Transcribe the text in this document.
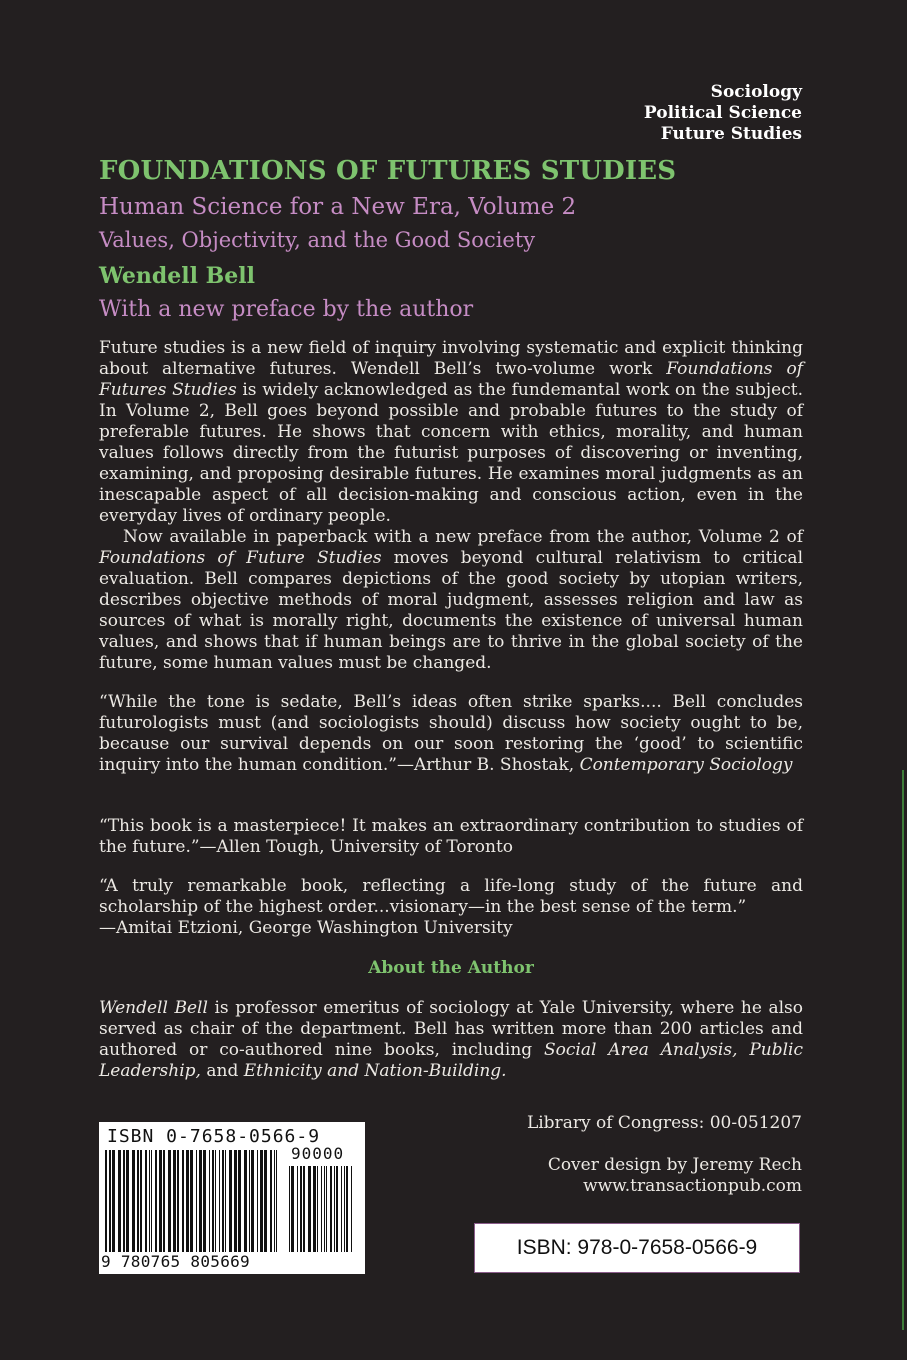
Sociology
Political Science
Future Studies
FOUNDATIONS OF FUTURES STUDIES
Human Science for a New Era, Volume 2
Values, Objectivity, and the Good Society
Wendell Bell
With a new preface by the author

Future studies is a new field of inquiry involving systematic and explicit thinking about alternative futures. Wendell Bell’s two-volume work Foundations of Futures Studies is widely acknowledged as the fundemantal work on the subject. In Volume 2, Bell goes beyond possible and probable futures to the study of preferable futures. He shows that concern with ethics, morality, and human values follows directly from the futurist purposes of discovering or inventing, examining, and proposing desirable futures. He examines moral judgments as an inescapable aspect of all decision-making and conscious action, even in the everyday lives of ordinary people.

Now available in paperback with a new preface from the author, Volume 2 of Foundations of Future Studies moves beyond cultural relativism to critical evaluation. Bell compares depictions of the good society by utopian writers, describes objective methods of moral judgment, assesses religion and law as sources of what is morally right, documents the existence of universal human values, and shows that if human beings are to thrive in the global society of the future, some human values must be changed.

“While the tone is sedate, Bell’s ideas often strike sparks.... Bell concludes futurologists must (and sociologists should) discuss how society ought to be, because our survival depends on our soon restoring the ‘good’ to scientific inquiry into the human condition.”—Arthur B. Shostak, Contemporary Sociology

“This book is a masterpiece! It makes an extraordinary contribution to studies of the future.”—Allen Tough, University of Toronto

“A truly remarkable book, reflecting a life-long study of the future and scholarship of the highest order...visionary—in the best sense of the term.”

—Amitai Etzioni, George Washington University

About the Author

Wendell Bell is professor emeritus of sociology at Yale University, where he also served as chair of the department. Bell has written more than 200 articles and authored or co-authored nine books, including Social Area Analysis, Public Leadership, and Ethnicity and Nation-Building.

Library of Congress: 00-051207
Cover design by Jeremy Rech
www.transactionpub.com
ISBN 0-7658-0566-9
90000
9 780765 805669
ISBN: 978-0-7658-0566-9
